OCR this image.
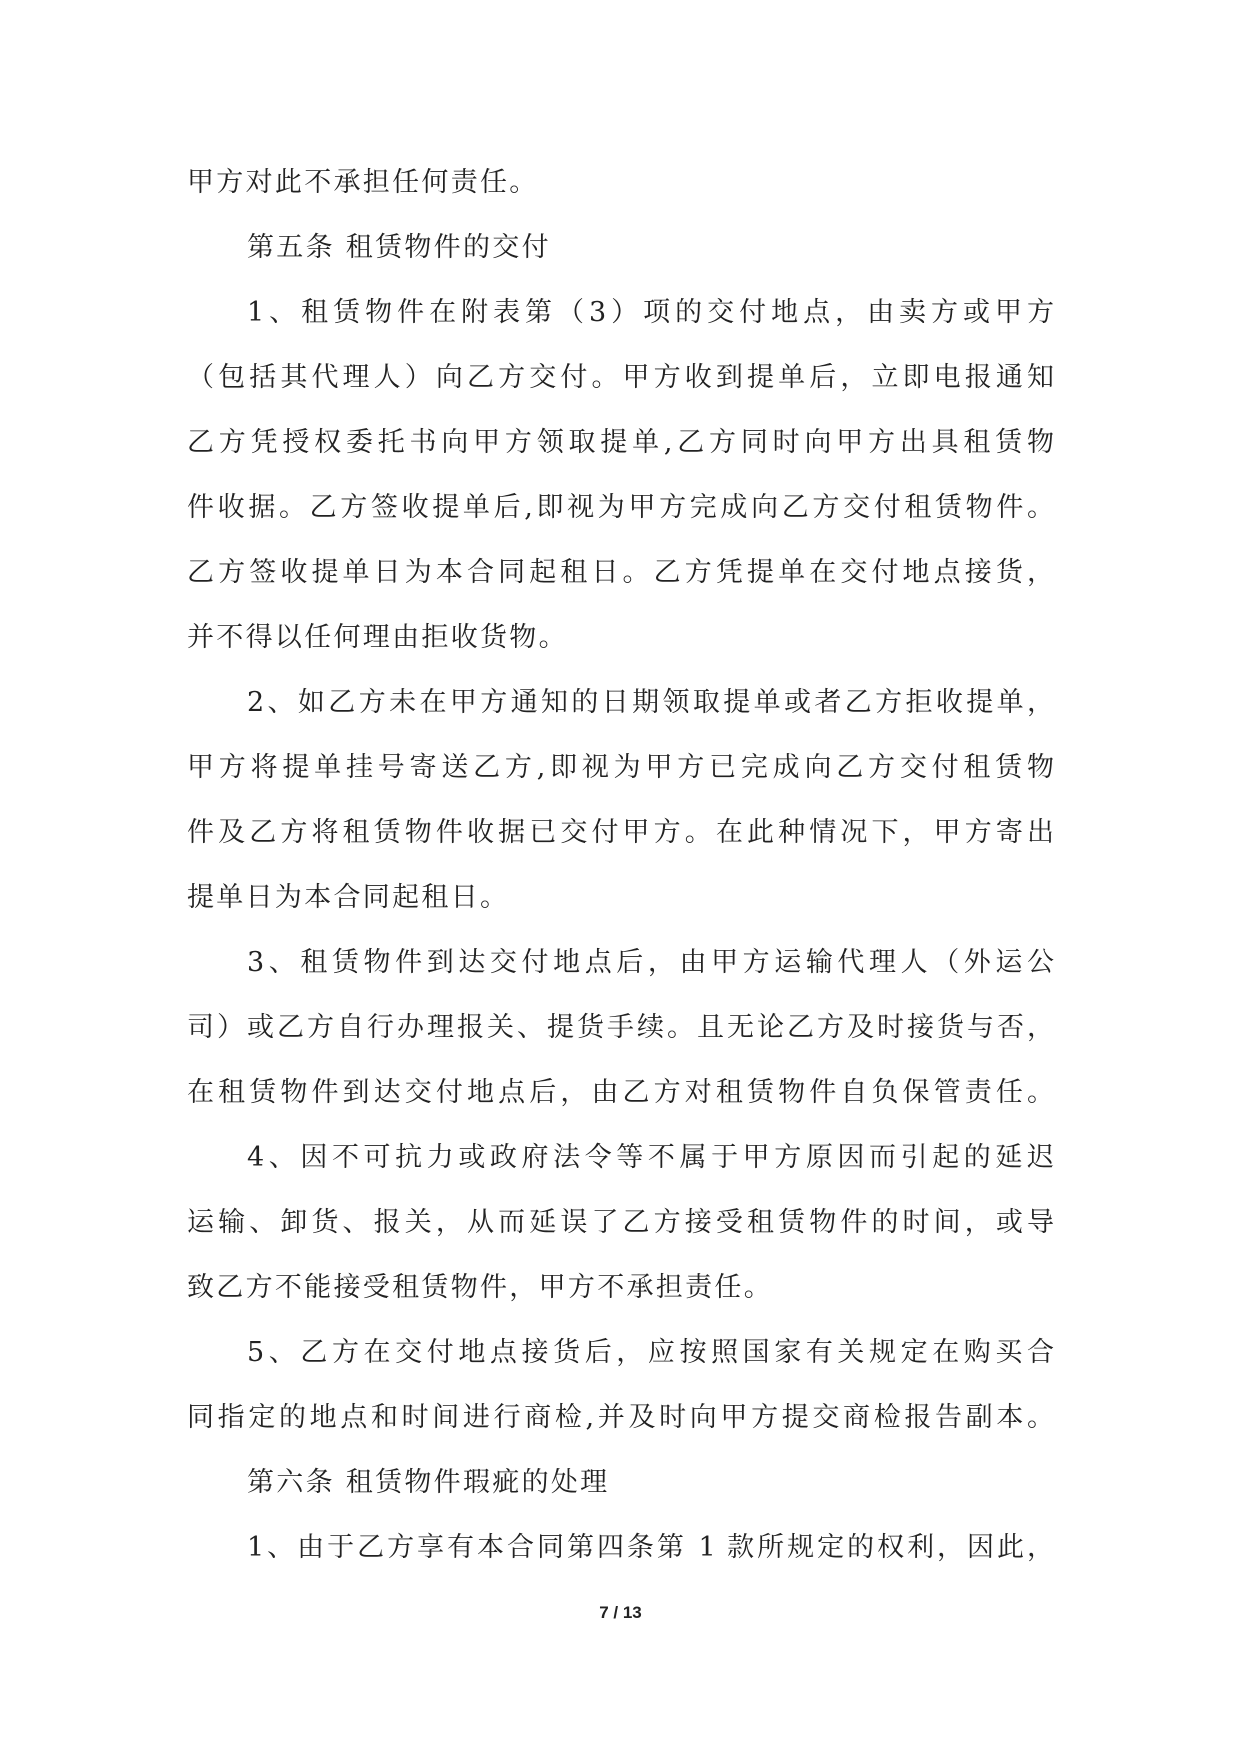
甲方对此不承担任何责任。
第五条 租赁物件的交付
1、租赁物件在附表第（3）项的交付地点，由卖方或甲方
（包括其代理人）向乙方交付。甲方收到提单后，立即电报通知
乙方凭授权委托书向甲方领取提单,乙方同时向甲方出具租赁物
件收据。乙方签收提单后,即视为甲方完成向乙方交付租赁物件。
乙方签收提单日为本合同起租日。乙方凭提单在交付地点接货，
并不得以任何理由拒收货物。
2、如乙方未在甲方通知的日期领取提单或者乙方拒收提单，
甲方将提单挂号寄送乙方,即视为甲方已完成向乙方交付租赁物
件及乙方将租赁物件收据已交付甲方。在此种情况下，甲方寄出
提单日为本合同起租日。
3、租赁物件到达交付地点后，由甲方运输代理人（外运公
司）或乙方自行办理报关、提货手续。且无论乙方及时接货与否，
在租赁物件到达交付地点后，由乙方对租赁物件自负保管责任。
4、因不可抗力或政府法令等不属于甲方原因而引起的延迟
运输、卸货、报关，从而延误了乙方接受租赁物件的时间，或导
致乙方不能接受租赁物件，甲方不承担责任。
5、乙方在交付地点接货后，应按照国家有关规定在购买合
同指定的地点和时间进行商检,并及时向甲方提交商检报告副本。
第六条 租赁物件瑕疵的处理
1、由于乙方享有本合同第四条第 1 款所规定的权利，因此，
7 / 13
